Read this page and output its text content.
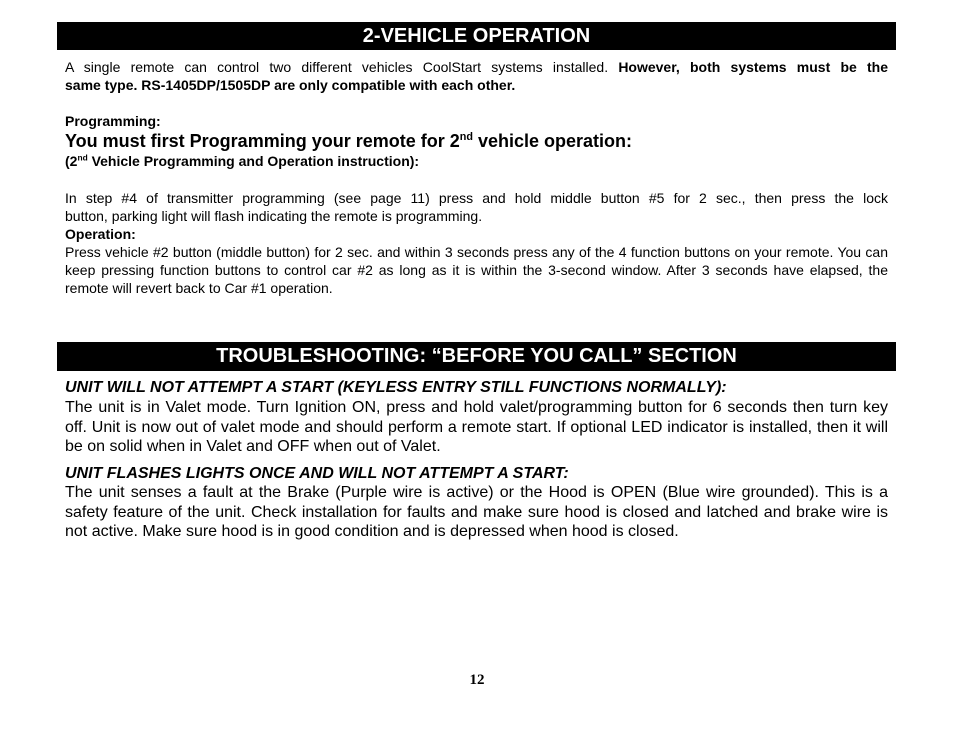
2-VEHICLE OPERATION

A single remote can control two different vehicles CoolStart systems installed. However, both systems must be the

same type. RS-1405DP/1505DP are only compatible with each other.

Programming:
You must first Programming your remote for 2nd vehicle operation:
(2nd Vehicle Programming and Operation instruction):

In step #4 of transmitter programming (see page 11) press and hold middle button #5 for 2 sec., then press the lock

button, parking light will flash indicating the remote is programming.

Operation:
Press vehicle #2 button (middle button) for 2 sec. and within 3 seconds press any of the 4 function buttons on your remote. You can keep pressing function buttons to control car #2 as long as it is within the 3-second window. After 3 seconds have elapsed, the remote will revert back to Car #1 operation.
TROUBLESHOOTING: “BEFORE YOU CALL” SECTION
UNIT WILL NOT ATTEMPT A START (KEYLESS ENTRY STILL FUNCTIONS NORMALLY):
The unit is in Valet mode. Turn Ignition ON, press and hold valet/programming button for 6 seconds then turn key off. Unit is now out of valet mode and should perform a remote start. If optional LED indicator is installed, then it will be on solid when in Valet and OFF when out of Valet.
UNIT FLASHES LIGHTS ONCE AND WILL NOT ATTEMPT A START:
The unit senses a fault at the Brake (Purple wire is active) or the Hood is OPEN (Blue wire grounded). This is a safety feature of the unit. Check installation for faults and make sure hood is closed and latched and brake wire is not active. Make sure hood is in good condition and is depressed when hood is closed.
12
